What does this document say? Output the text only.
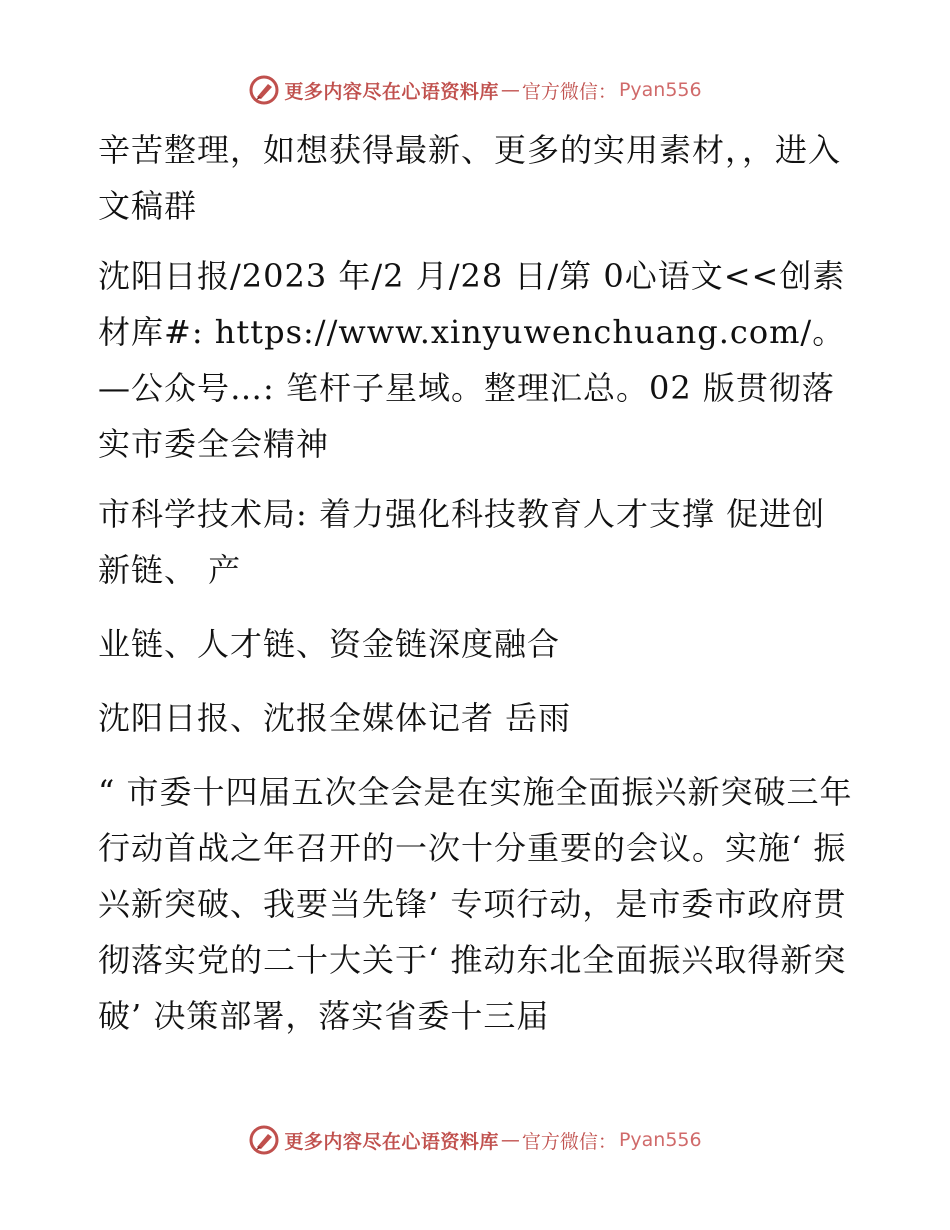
更多内容尽在心语资料库 — 官方微信： Pyan556

辛苦整理，如想获得最新、更多的实用素材，，进入文稿群

沈阳日报/2023 年/2 月/28 日/第 0心语文<<创素材库#: https://www.xinyuwenchuang.com/。—公众号…: 笔杆子星域。整理汇总。02 版贯彻落实市委全会精神

市科学技术局: 着力强化科技教育人才支撑 促进创新链、 产

业链、人才链、资金链深度融合

沈阳日报、沈报全媒体记者 岳雨

“ 市委十四届五次全会是在实施全面振兴新突破三年行动首战之年召开的一次十分重要的会议。实施‘ 振兴新突破、我要当先锋’ 专项行动，是市委市政府贯彻落实党的二十大关于‘ 推动东北全面振兴取得新突破’ 决策部署，落实省委十三届

更多内容尽在心语资料库 — 官方微信： Pyan556
